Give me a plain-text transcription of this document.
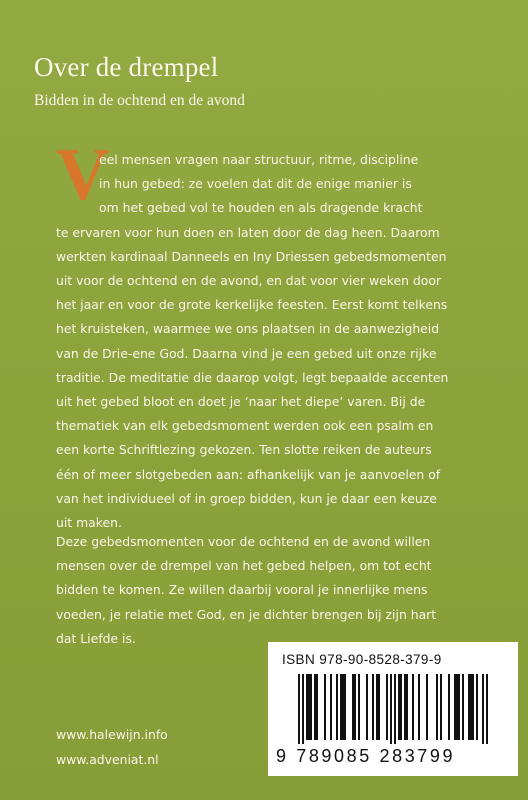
Over de drempel
Bidden in de ochtend en de avond
V
eel mensen vragen naar structuur, ritme, discipline
in hun gebed: ze voelen dat dit de enige manier is
om het gebed vol te houden en als dragende kracht
te ervaren voor hun doen en laten door de dag heen. Daarom
werkten kardinaal Danneels en Iny Driessen gebedsmomenten
uit voor de ochtend en de avond, en dat voor vier weken door
het jaar en voor de grote kerkelijke feesten. Eerst komt telkens
het kruisteken, waarmee we ons plaatsen in de aanwezigheid
van de Drie-ene God. Daarna vind je een gebed uit onze rijke
traditie. De meditatie die daarop volgt, legt bepaalde accenten
uit het gebed bloot en doet je ‘naar het diepe’ varen. Bij de
thematiek van elk gebedsmoment werden ook een psalm en
een korte Schriftlezing gekozen. Ten slotte reiken de auteurs
één of meer slotgebeden aan: afhankelijk van je aanvoelen of
van het individueel of in groep bidden, kun je daar een keuze
uit maken.
Deze gebedsmomenten voor de ochtend en de avond willen
mensen over de drempel van het gebed helpen, om tot echt
bidden te komen. Ze willen daarbij vooral je innerlijke mens
voeden, je relatie met God, en je dichter brengen bij zijn hart
dat Liefde is.
ISBN 978-90-8528-379-9
9 789085 283799
www.halewijn.info
www.adveniat.nl
